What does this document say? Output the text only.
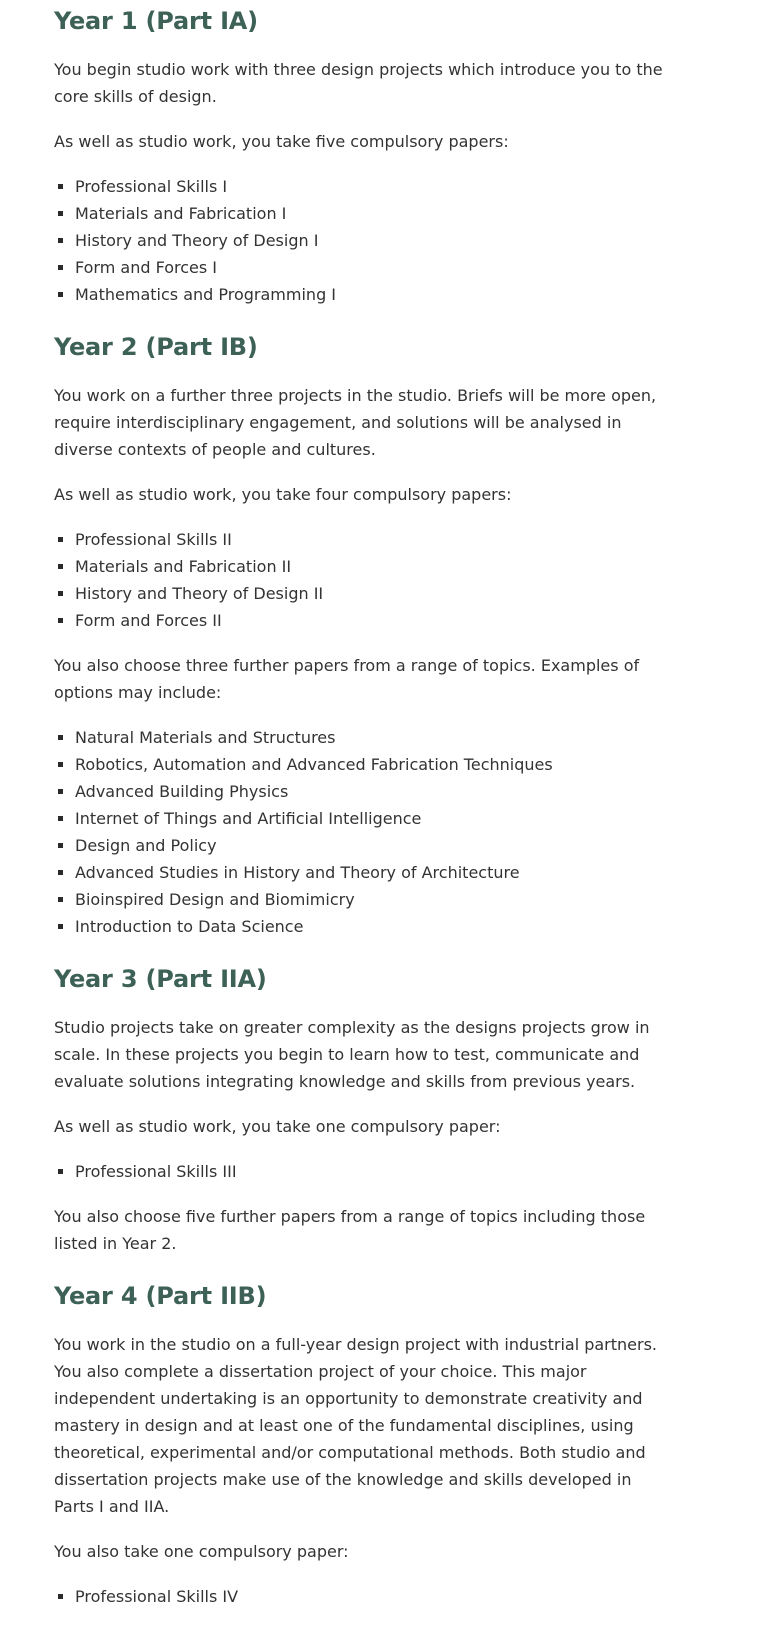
Year 1 (Part IA)

You begin studio work with three design projects which introduce you to the core skills of design.

As well as studio work, you take five compulsory papers:

Professional Skills I
Materials and Fabrication I
History and Theory of Design I
Form and Forces I
Mathematics and Programming I
Year 2 (Part IB)

You work on a further three projects in the studio. Briefs will be more open, require interdisciplinary engagement, and solutions will be analysed in diverse contexts of people and cultures.

As well as studio work, you take four compulsory papers:

Professional Skills II
Materials and Fabrication II
History and Theory of Design II
Form and Forces II

You also choose three further papers from a range of topics. Examples of options may include:

Natural Materials and Structures
Robotics, Automation and Advanced Fabrication Techniques
Advanced Building Physics
Internet of Things and Artificial Intelligence
Design and Policy
Advanced Studies in History and Theory of Architecture
Bioinspired Design and Biomimicry
Introduction to Data Science
Year 3 (Part IIA)

Studio projects take on greater complexity as the designs projects grow in scale. In these projects you begin to learn how to test, communicate and evaluate solutions integrating knowledge and skills from previous years.

As well as studio work, you take one compulsory paper:

Professional Skills III

You also choose five further papers from a range of topics including those listed in Year 2.

Year 4 (Part IIB)

You work in the studio on a full-year design project with industrial partners. You also complete a dissertation project of your choice. This major independent undertaking is an opportunity to demonstrate creativity and mastery in design and at least one of the fundamental disciplines, using theoretical, experimental and/or computational methods. Both studio and dissertation projects make use of the knowledge and skills developed in Parts I and IIA.

You also take one compulsory paper:

Professional Skills IV
